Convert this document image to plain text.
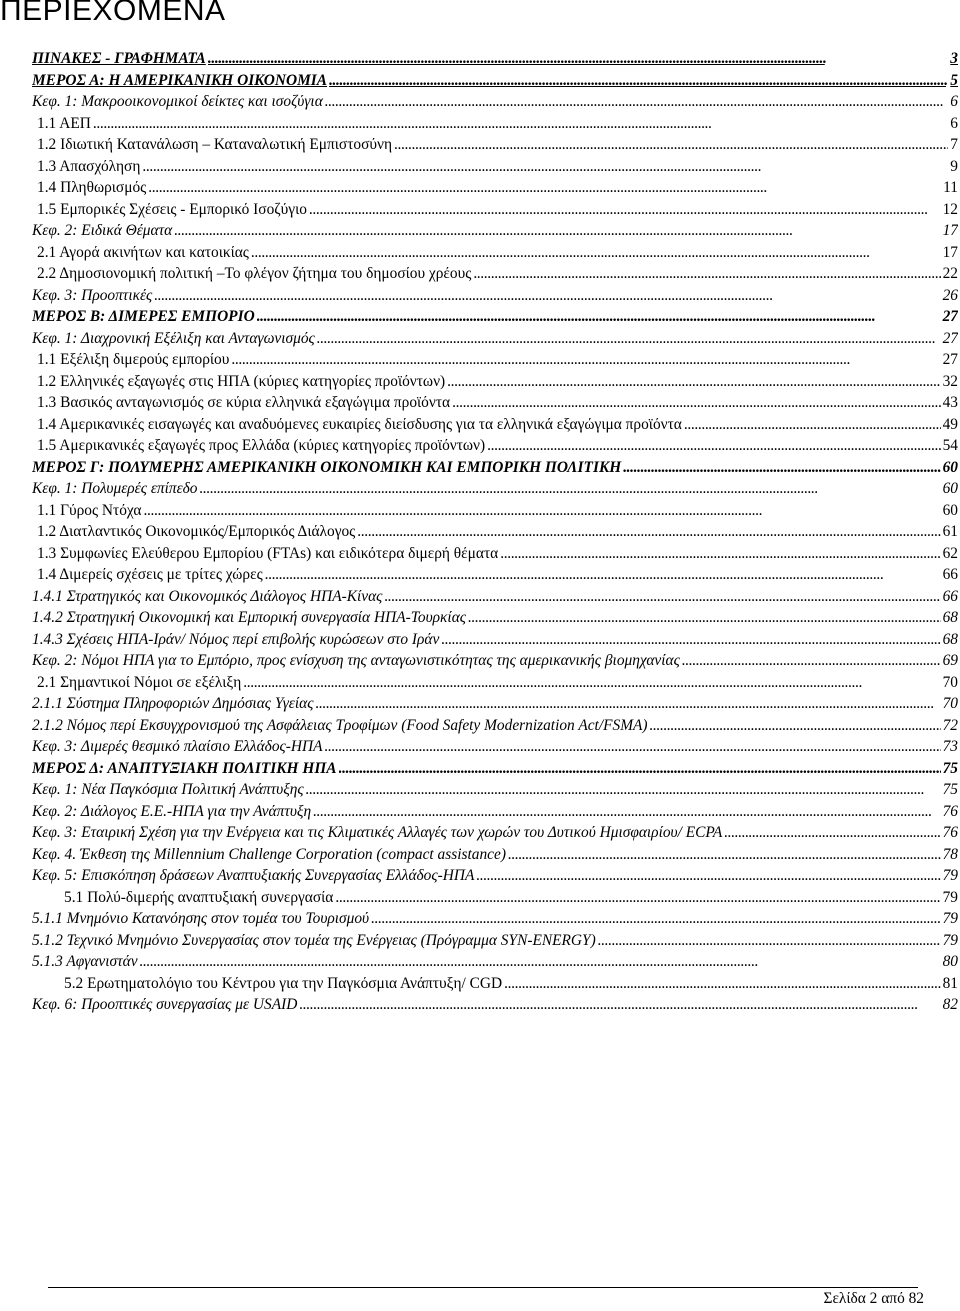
ΠΕΡΙΕΧΟΜΕΝΑ
ΠΙΝΑΚΕΣ - ΓΡΑΦΗΜΑΤΑ . . .	3
ΜΕΡΟΣ Α: Η ΑΜΕΡΙΚΑΝΙΚΗ ΟΙΚΟΝΟΜΙΑ . . .	5
Κεφ. 1: Μακροοικονομικοί δείκτες και ισοζύγια . . .	6
1.1 ΑΕΠ . . .	6
1.2 Ιδιωτική Κατανάλωση – Καταναλωτική Εμπιστοσύνη . . .	7
1.3 Απασχόληση . . .	9
1.4 Πληθωρισμός . . .	11
1.5 Εμπορικές Σχέσεις - Εμπορικό Ισοζύγιο . . .	12
Κεφ. 2: Ειδικά Θέματα . . .	17
2.1 Αγορά ακινήτων και κατοικίας . . .	17
2.2 Δημοσιονομική πολιτική –Το φλέγον ζήτημα του δημοσίου χρέους . . .	22
Κεφ. 3: Προοπτικές . . .	26
ΜΕΡΟΣ Β: ΔΙΜΕΡΕΣ ΕΜΠΟΡΙΟ . . .	27
Κεφ. 1: Διαχρονική Εξέλιξη και Ανταγωνισμός . . .	27
1.1 Εξέλιξη διμερούς εμπορίου . . .	27
1.2 Ελληνικές εξαγωγές στις ΗΠΑ (κύριες κατηγορίες προϊόντων) . . .	32
1.3 Βασικός ανταγωνισμός σε κύρια ελληνικά εξαγώγιμα προϊόντα . . .	43
1.4 Αμερικανικές εισαγωγές και αναδυόμενες ευκαιρίες διείσδυσης για τα ελληνικά εξαγώγιμα προϊόντα . . .	49
1.5 Αμερικανικές εξαγωγές προς Ελλάδα (κύριες κατηγορίες προϊόντων) . . .	54
ΜΕΡΟΣ Γ: ΠΟΛΥΜΕΡΗΣ ΑΜΕΡΙΚΑΝΙΚΗ ΟΙΚΟΝΟΜΙΚΗ ΚΑΙ ΕΜΠΟΡΙΚΗ ΠΟΛΙΤΙΚΗ . . .	60
Κεφ. 1: Πολυμερές επίπεδο . . .	60
1.1 Γύρος Ντόχα . . .	60
1.2 Διατλαντικός Οικονομικός/Εμπορικός Διάλογος . . .	61
1.3 Συμφωνίες Ελεύθερου Εμπορίου (FTAs) και ειδικότερα διμερή θέματα . . .	62
1.4 Διμερείς σχέσεις με τρίτες χώρες . . .	66
1.4.1 Στρατηγικός και Οικονομικός Διάλογος ΗΠΑ-Κίνας . . .	66
1.4.2 Στρατηγική Οικονομική και Εμπορική συνεργασία ΗΠΑ-Τουρκίας . . .	68
1.4.3 Σχέσεις ΗΠΑ-Ιράν/ Νόμος περί επιβολής κυρώσεων στο Ιράν . . .	68
Κεφ. 2: Νόμοι ΗΠΑ για το Εμπόριο, προς ενίσχυση της ανταγωνιστικότητας της αμερικανικής βιομηχανίας . . .	69
2.1 Σημαντικοί Νόμοι σε εξέλιξη . . .	70
2.1.1 Σύστημα Πληροφοριών Δημόσιας Υγείας . . .	70
2.1.2 Νόμος περί Εκσυγχρονισμού της Ασφάλειας Τροφίμων (Food Safety Modernization Act/FSMA) . . .	72
Κεφ. 3: Διμερές θεσμικό πλαίσιο Ελλάδος-ΗΠΑ . . .	73
ΜΕΡΟΣ Δ: ΑΝΑΠΤΥΞΙΑΚΗ ΠΟΛΙΤΙΚΗ ΗΠΑ . . .	75
Κεφ. 1: Νέα Παγκόσμια Πολιτική Ανάπτυξης . . .	75
Κεφ. 2: Διάλογος Ε.Ε.-ΗΠΑ για την Ανάπτυξη . . .	76
Κεφ. 3: Εταιρική Σχέση για την Ενέργεια και τις Κλιματικές Αλλαγές των χωρών του Δυτικού Ημισφαιρίου/ ECPA . . .	76
Κεφ. 4. Έκθεση της Millennium Challenge Corporation (compact assistance) . . .	78
Κεφ. 5: Επισκόπηση δράσεων Αναπτυξιακής Συνεργασίας Ελλάδος-ΗΠΑ . . .	79
5.1 Πολύ-διμερής αναπτυξιακή συνεργασία . . .	79
5.1.1 Μνημόνιο Κατανόησης στον τομέα του Τουρισμού . . .	79
5.1.2 Τεχνικό Μνημόνιο Συνεργασίας στον τομέα της Ενέργειας (Πρόγραμμα SYN-ENERGY) . . .	79
5.1.3 Αφγανιστάν . . .	80
5.2 Ερωτηματολόγιο του Κέντρου για την Παγκόσμια Ανάπτυξη/ CGD . . .	81
Κεφ. 6: Προοπτικές συνεργασίας με USAID . . .	82
Σελίδα 2 από 82
